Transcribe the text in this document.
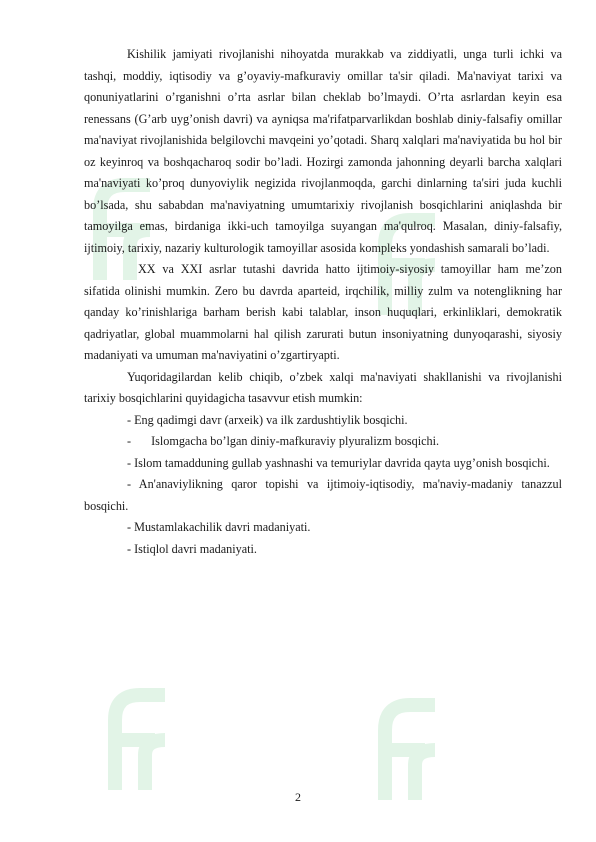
Kishilik jamiyati rivojlanishi nihoyatda murakkab va ziddiyatli, unga turli ichki va tashqi, moddiy, iqtisodiy va g’oyaviy-mafkuraviy omillar ta'sir qiladi. Ma'naviyat tarixi va qonuniyatlarini o’rganishni o’rta asrlar bilan cheklab bo’lmaydi. O’rta asrlardan keyin esa renessans (G’arb uyg’onish davri) va ayniqsa ma'rifatparvarlikdan boshlab diniy-falsafiy omillar ma'naviyat rivojlanishida belgilovchi mavqeini yo’qotadi. Sharq xalqlari ma'naviyatida bu hol bir oz keyinroq va boshqacharoq sodir bo’ladi. Hozirgi zamonda jahonning deyarli barcha xalqlari ma'naviyati ko’proq dunyoviylik negizida rivojlanmoqda, garchi dinlarning ta'siri juda kuchli bo’lsada, shu sababdan ma'naviyatning umumtarixiy rivojlanish bosqichlarini aniqlashda bir tamoyilga emas, birdaniga ikki-uch tamoyilga suyangan ma'qulroq. Masalan, diniy-falsafiy, ijtimoiy, tarixiy, nazariy kulturologik tamoyillar asosida kompleks yondashish samarali bo’ladi.

XX va XXI asrlar tutashi davrida hatto ijtimoiy-siyosiy tamoyillar ham me’zon sifatida olinishi mumkin. Zero bu davrda aparteid, irqchilik, milliy zulm va notenglikning har qanday ko’rinishlariga barham berish kabi talablar, inson huquqlari, erkinliklari, demokratik qadriyatlar, global muammolarni hal qilish zarurati butun insoniyatning dunyoqarashi, siyosiy madaniyati va umuman ma'naviyatini o’zgartiryapti.

Yuqoridagilardan kelib chiqib, o’zbek xalqi ma'naviyati shakllanishi va rivojlanishi tarixiy bosqichlarini quyidagicha tasavvur etish mumkin:

- Eng qadimgi davr (arxeik) va ilk zardushtiylik bosqichi.

- Islomgacha bo’lgan diniy-mafkuraviy plyuralizm bosqichi.

- Islom tamadduning gullab yashnashi va temuriylar davrida qayta uyg’onish bosqichi.

- An'anaviylikning qaror topishi va ijtimoiy-iqtisodiy, ma'naviy-madaniy tanazzul bosqichi.

- Mustamlakachilik davri madaniyati.

- Istiqlol davri madaniyati.

2
